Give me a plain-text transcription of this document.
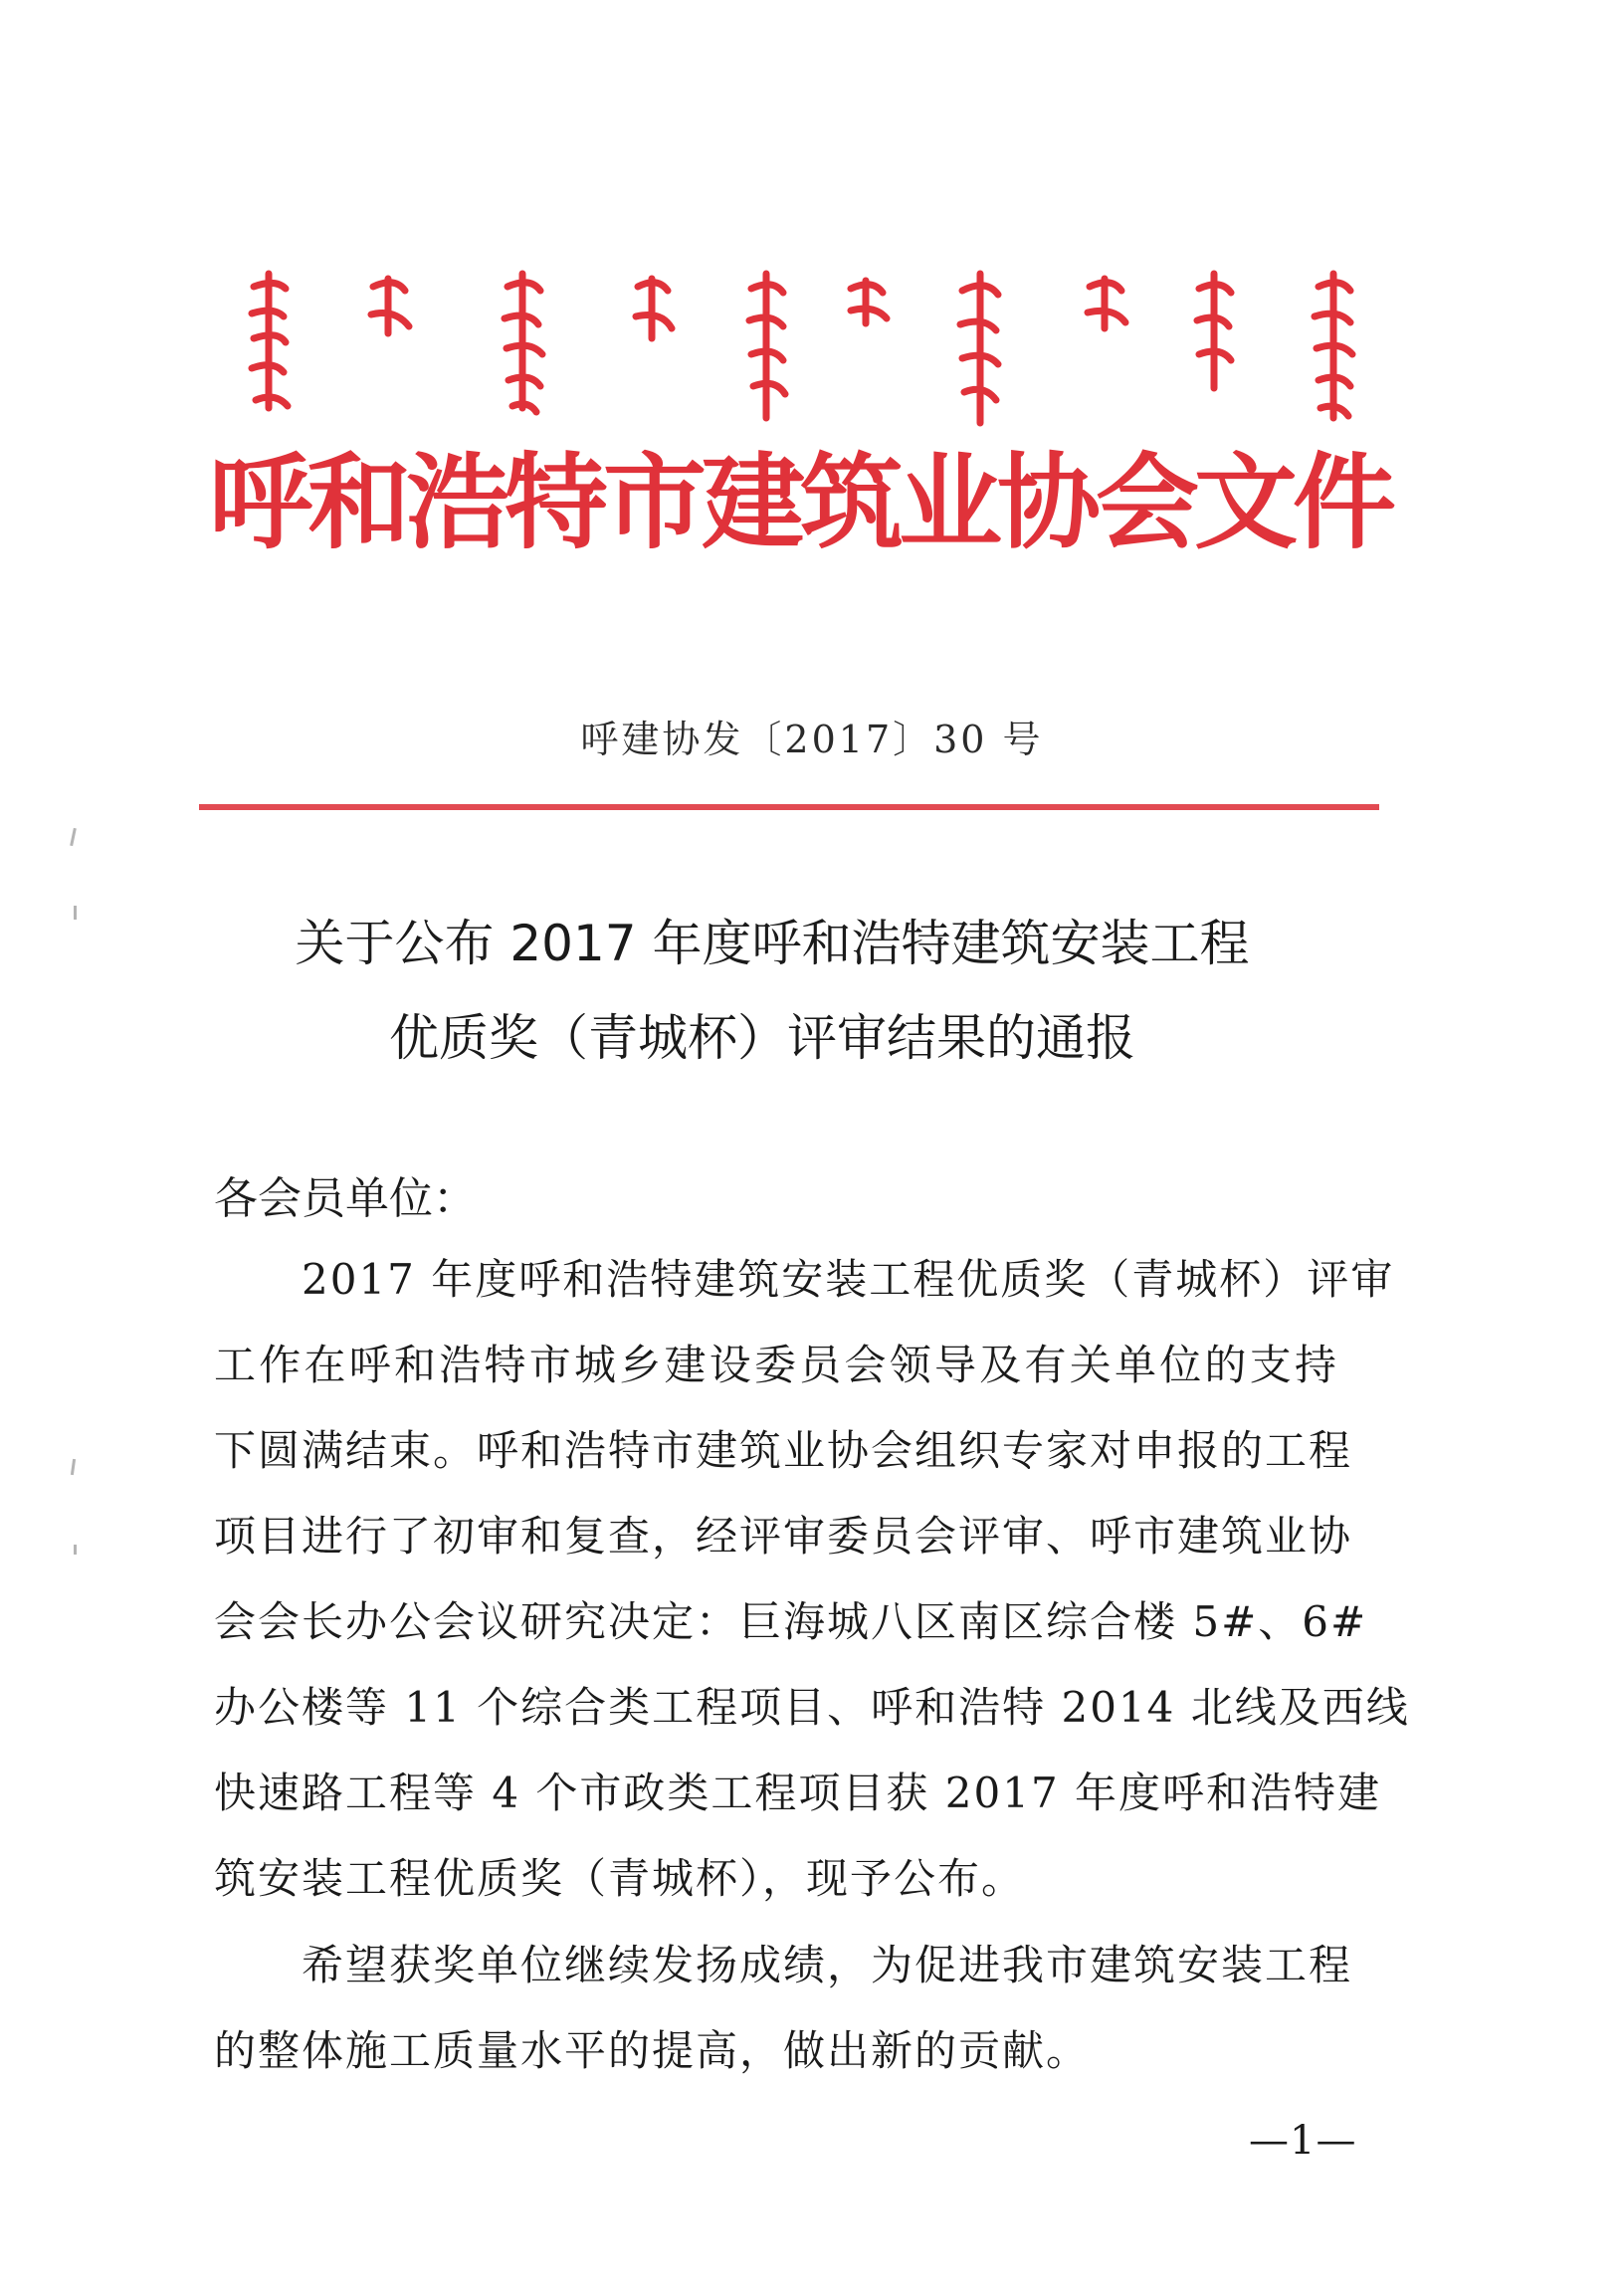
呼和浩特市建筑业协会文件
呼建协发〔2017〕30 号
关于公布 2017 年度呼和浩特建筑安装工程
优质奖（青城杯）评审结果的通报
各会员单位：
2017 年度呼和浩特建筑安装工程优质奖（青城杯）评审
工作在呼和浩特市城乡建设委员会领导及有关单位的支持
下圆满结束。呼和浩特市建筑业协会组织专家对申报的工程
项目进行了初审和复查，经评审委员会评审、呼市建筑业协
会会长办公会议研究决定：巨海城八区南区综合楼 5#、6#
办公楼等 11 个综合类工程项目、呼和浩特 2014 北线及西线
快速路工程等 4 个市政类工程项目获 2017 年度呼和浩特建
筑安装工程优质奖（青城杯），现予公布。
希望获奖单位继续发扬成绩，为促进我市建筑安装工程
的整体施工质量水平的提高，做出新的贡献。
—1—
